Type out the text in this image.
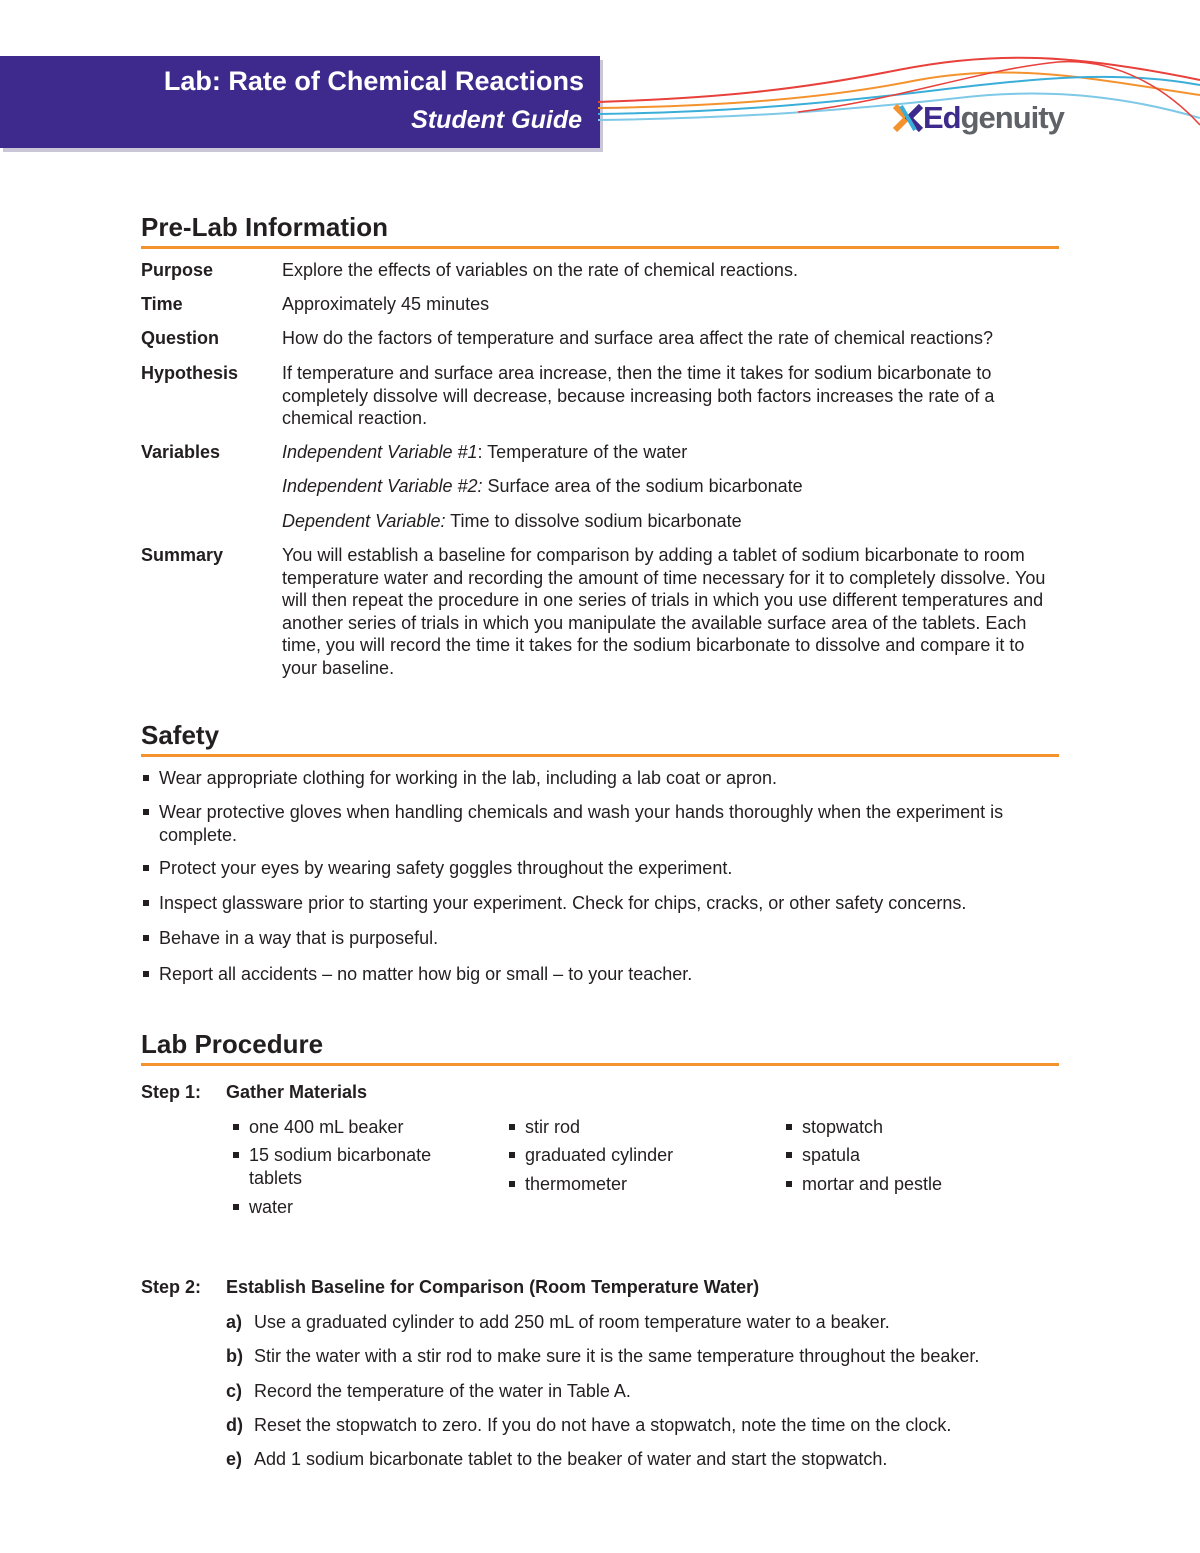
Lab: Rate of Chemical Reactions
Student Guide	Edgenuity
Pre-Lab Information
Purpose	Explore the effects of variables on the rate of chemical reactions.
Time	Approximately 45 minutes
Question	How do the factors of temperature and surface area affect the rate of chemical reactions?
Hypothesis	If temperature and surface area increase, then the time it takes for sodium bicarbonate to completely dissolve will decrease, because increasing both factors increases the rate of a chemical reaction.
Variables	Independent Variable #1: Temperature of the water
Independent Variable #2: Surface area of the sodium bicarbonate
Dependent Variable: Time to dissolve sodium bicarbonate
Summary	You will establish a baseline for comparison by adding a tablet of sodium bicarbonate to room temperature water and recording the amount of time necessary for it to completely dissolve. You will then repeat the procedure in one series of trials in which you use different temperatures and another series of trials in which you manipulate the available surface area of the tablets. Each time, you will record the time it takes for the sodium bicarbonate to dissolve and compare it to your baseline.
Safety
Wear appropriate clothing for working in the lab, including a lab coat or apron.
Wear protective gloves when handling chemicals and wash your hands thoroughly when the experiment is complete.
Protect your eyes by wearing safety goggles throughout the experiment.
Inspect glassware prior to starting your experiment. Check for chips, cracks, or other safety concerns.
Behave in a way that is purposeful.
Report all accidents – no matter how big or small – to your teacher.
Lab Procedure
Step 1: Gather Materials
one 400 mL beaker
15 sodium bicarbonate tablets
water
stir rod
graduated cylinder
thermometer
stopwatch
spatula
mortar and pestle
Step 2: Establish Baseline for Comparison (Room Temperature Water)
a) Use a graduated cylinder to add 250 mL of room temperature water to a beaker.
b) Stir the water with a stir rod to make sure it is the same temperature throughout the beaker.
c) Record the temperature of the water in Table A.
d) Reset the stopwatch to zero. If you do not have a stopwatch, note the time on the clock.
e) Add 1 sodium bicarbonate tablet to the beaker of water and start the stopwatch.
